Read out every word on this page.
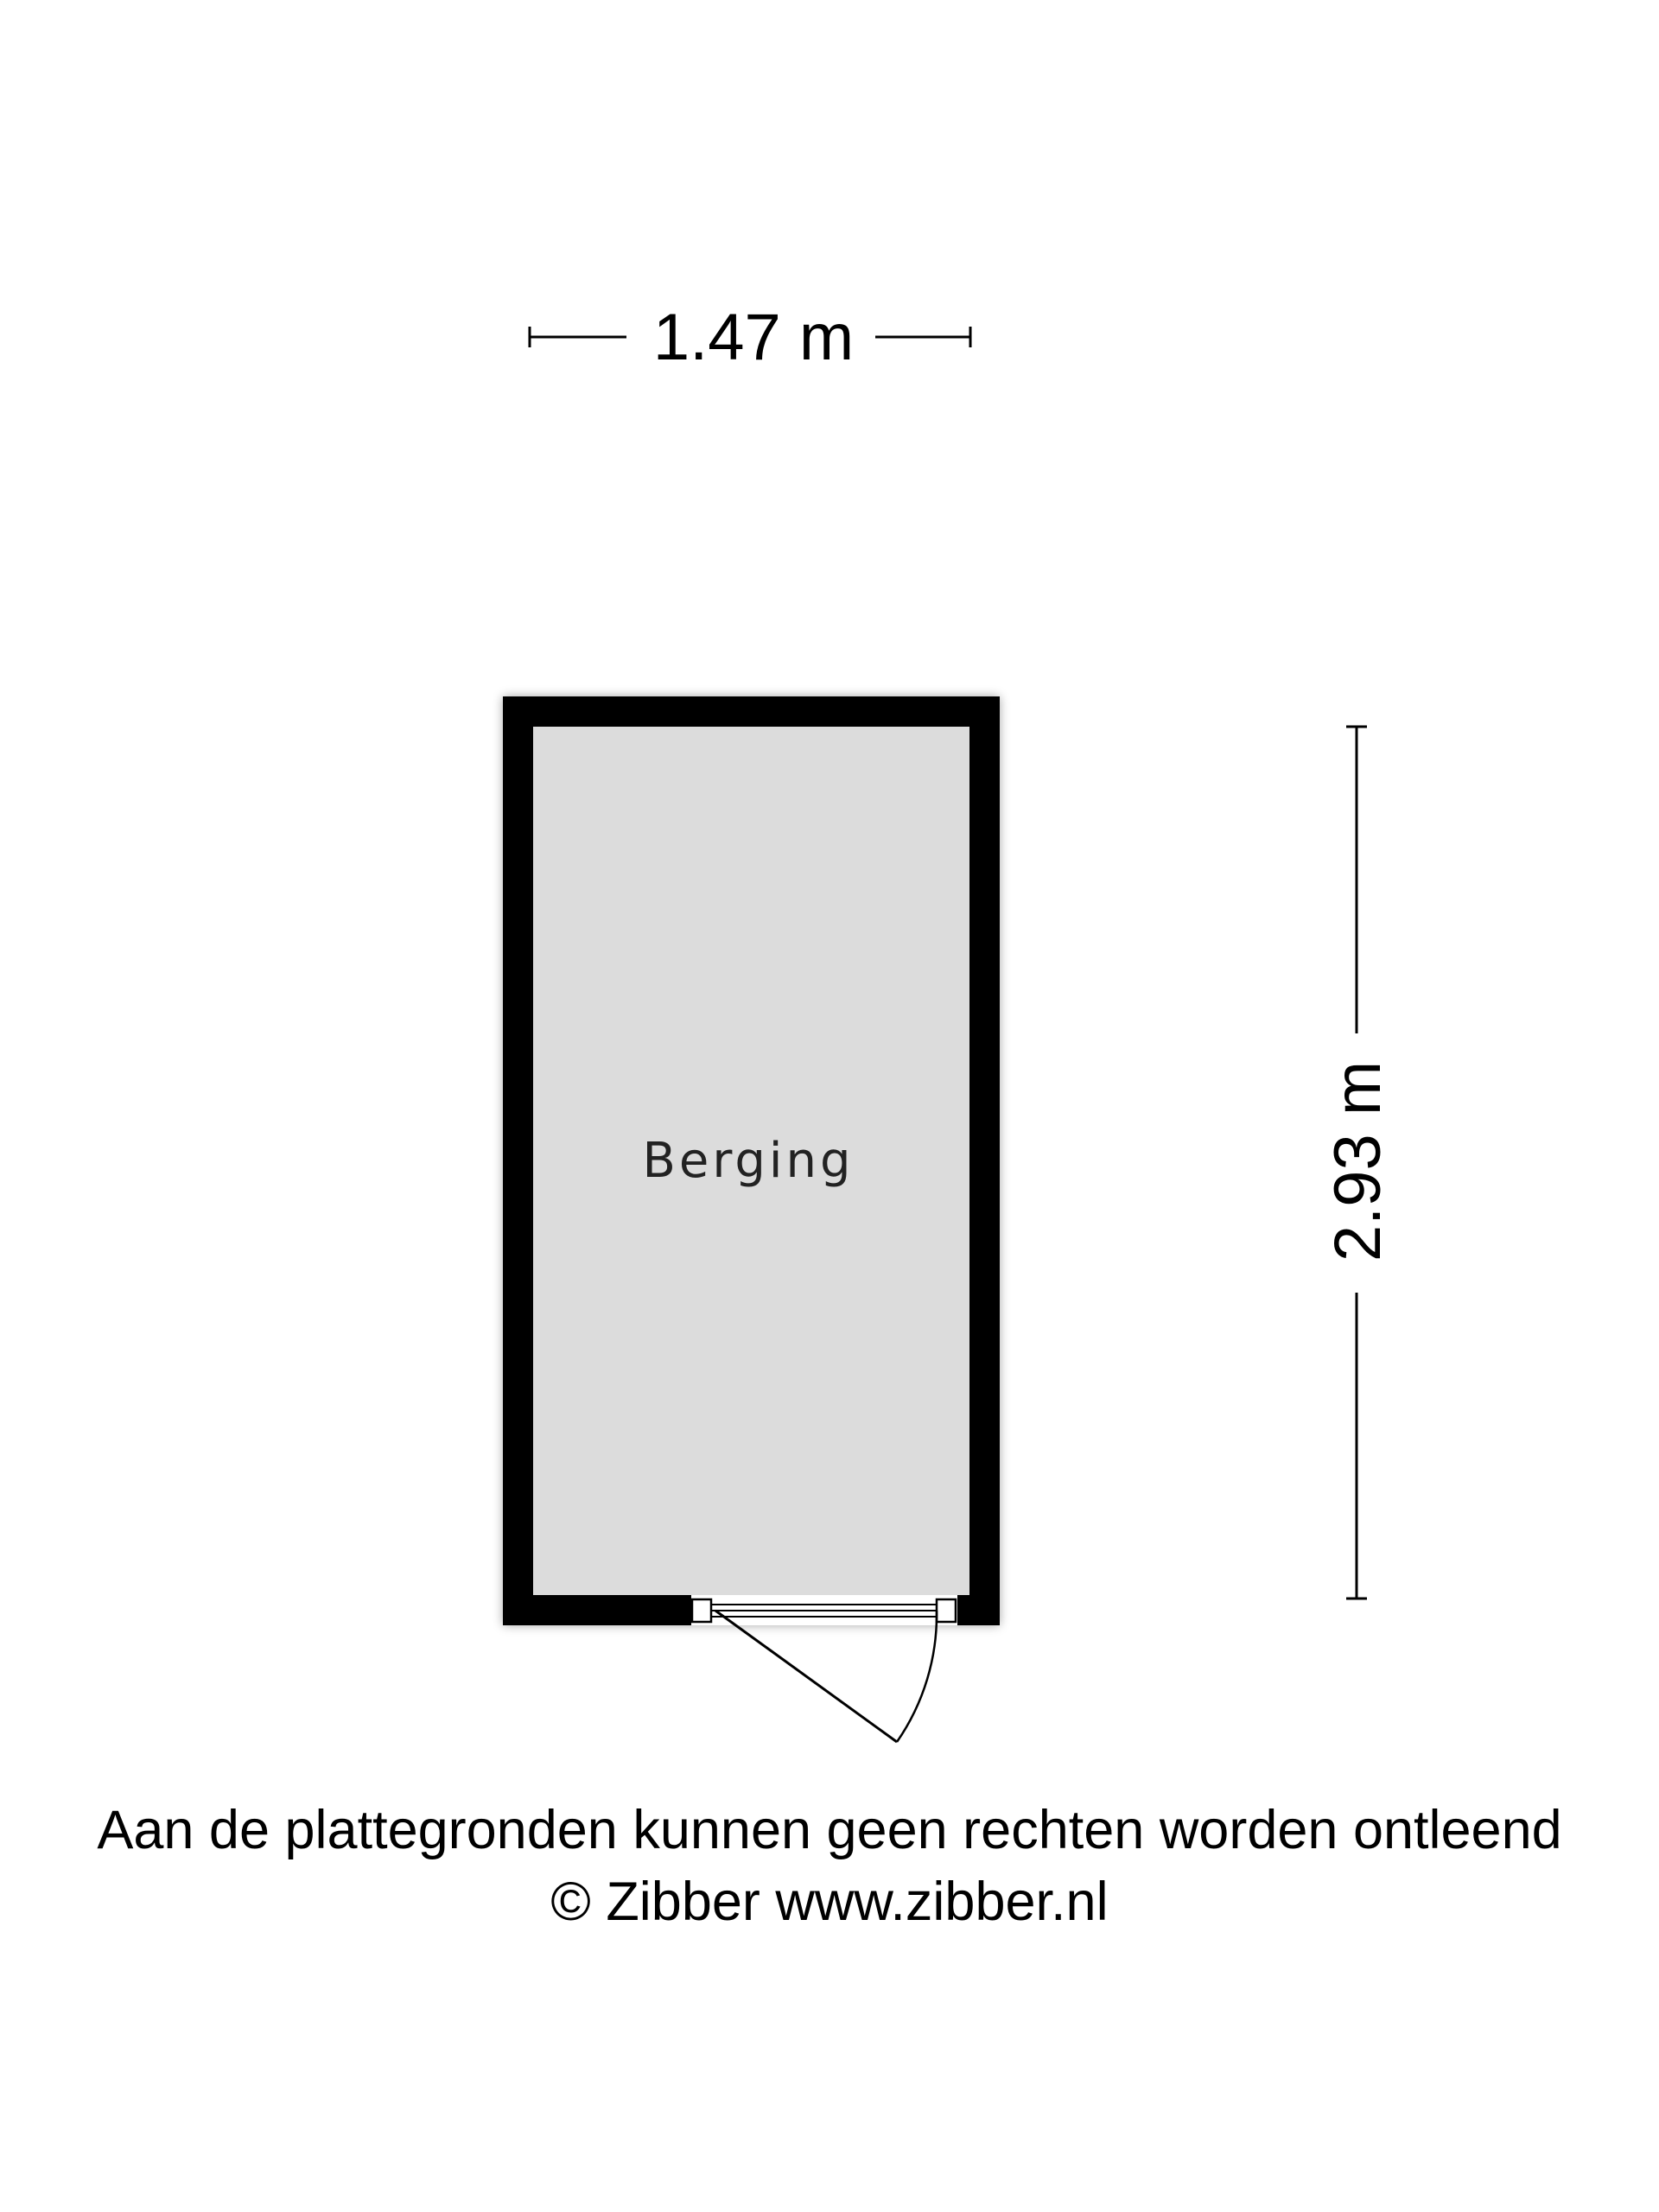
1.47 m
Berging	2.93 m
Aan de plattegronden kunnen geen rechten worden ontleend
© Zibber www.zibber.nl
